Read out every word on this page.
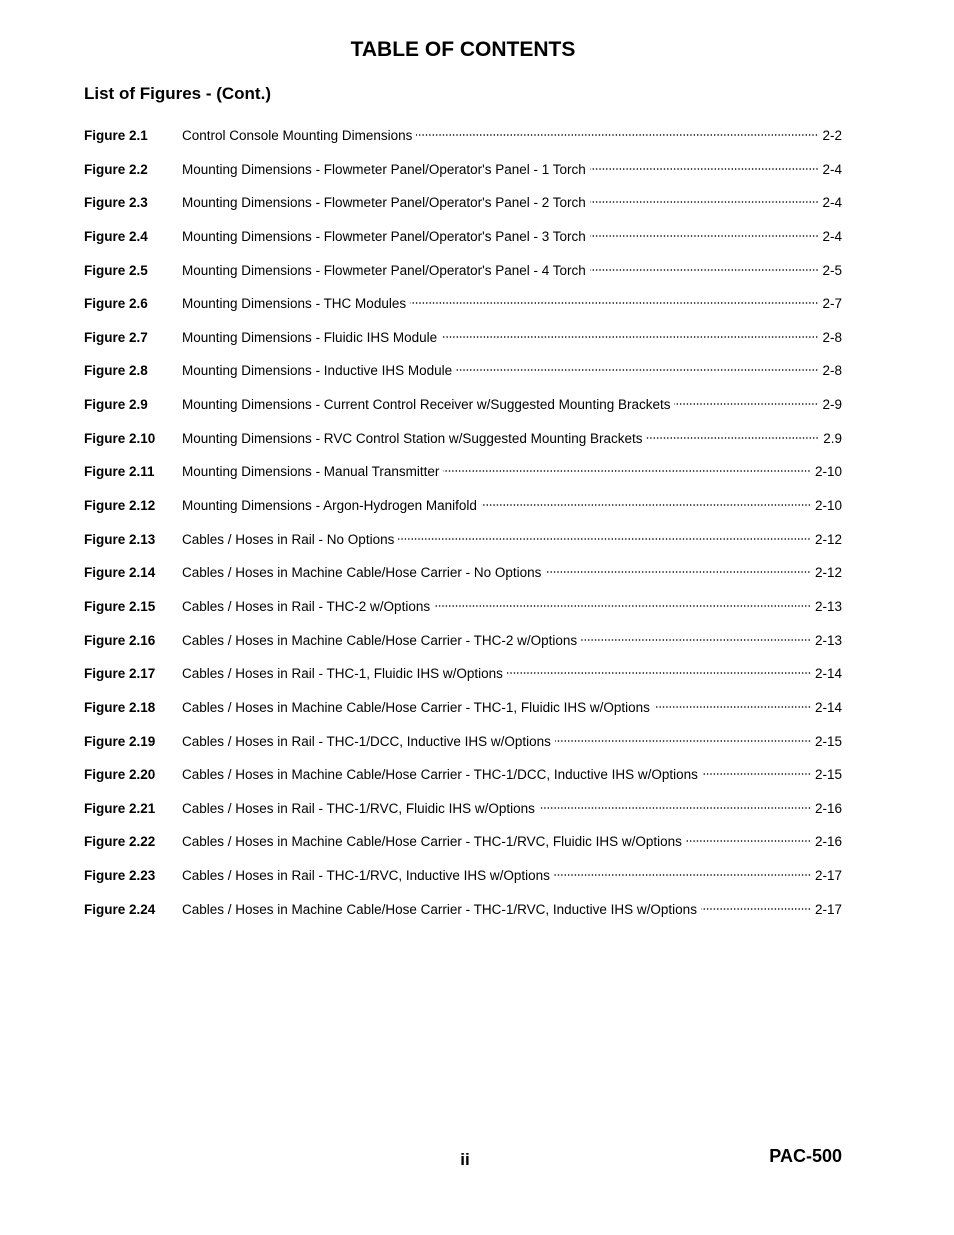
TABLE OF CONTENTS
List of Figures - (Cont.)
Figure 2.1	Control Console Mounting Dimensions	2-2
Figure 2.2	Mounting Dimensions - Flowmeter Panel/Operator's Panel - 1 Torch	2-4
Figure 2.3	Mounting Dimensions - Flowmeter Panel/Operator's Panel - 2 Torch	2-4
Figure 2.4	Mounting Dimensions - Flowmeter Panel/Operator's Panel - 3 Torch	2-4
Figure 2.5	Mounting Dimensions - Flowmeter Panel/Operator's Panel - 4 Torch	2-5
Figure 2.6	Mounting Dimensions - THC Modules	2-7
Figure 2.7	Mounting Dimensions - Fluidic IHS Module	2-8
Figure 2.8	Mounting Dimensions - Inductive IHS Module	2-8
Figure 2.9	Mounting Dimensions - Current Control Receiver w/Suggested Mounting Brackets	2-9
Figure 2.10	Mounting Dimensions - RVC Control Station w/Suggested Mounting Brackets	2.9
Figure 2.11	Mounting Dimensions - Manual Transmitter	2-10
Figure 2.12	Mounting Dimensions - Argon-Hydrogen Manifold	2-10
Figure 2.13	Cables / Hoses in Rail - No Options	2-12
Figure 2.14	Cables / Hoses in Machine Cable/Hose Carrier - No Options	2-12
Figure 2.15	Cables / Hoses in Rail - THC-2 w/Options	2-13
Figure 2.16	Cables / Hoses in Machine Cable/Hose Carrier - THC-2 w/Options	2-13
Figure 2.17	Cables / Hoses in Rail - THC-1, Fluidic IHS w/Options	2-14
Figure 2.18	Cables / Hoses in Machine Cable/Hose Carrier - THC-1, Fluidic IHS w/Options	2-14
Figure 2.19	Cables / Hoses in Rail - THC-1/DCC, Inductive IHS w/Options	2-15
Figure 2.20	Cables / Hoses in Machine Cable/Hose Carrier - THC-1/DCC, Inductive IHS w/Options	2-15
Figure 2.21	Cables / Hoses in Rail - THC-1/RVC, Fluidic IHS w/Options	2-16
Figure 2.22	Cables / Hoses in Machine Cable/Hose Carrier - THC-1/RVC, Fluidic IHS w/Options	2-16
Figure 2.23	Cables / Hoses in Rail - THC-1/RVC, Inductive IHS w/Options	2-17
Figure 2.24	Cables / Hoses in Machine Cable/Hose Carrier - THC-1/RVC, Inductive IHS w/Options	2-17
ii	PAC-500
